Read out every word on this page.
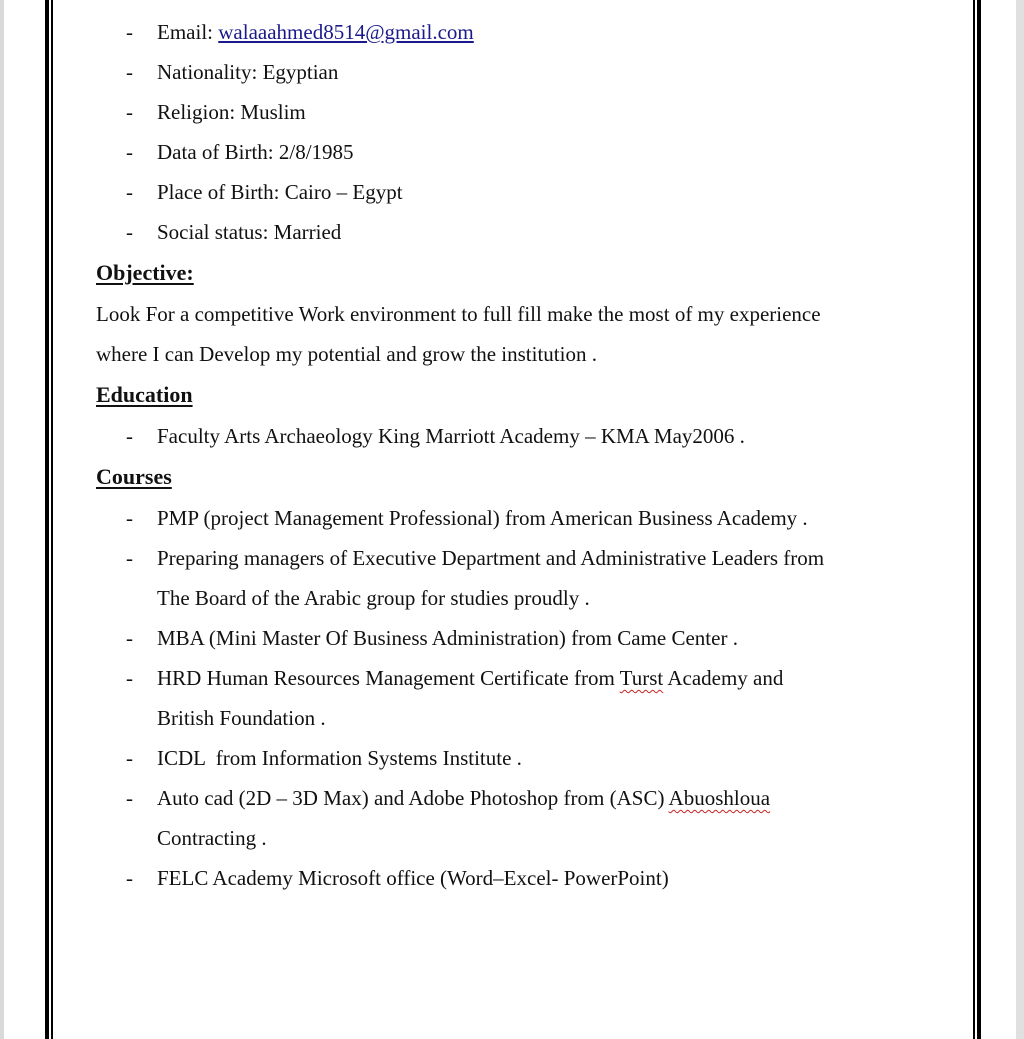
- Email: walaaahmed8514@gmail.com
- Nationality: Egyptian
- Religion: Muslim
- Data of Birth: 2/8/1985
- Place of Birth: Cairo – Egypt
- Social status: Married

Objective:

Look For a competitive Work environment to full fill make the most of my experience

where I can Develop my potential and grow the institution .

Education

- Faculty Arts Archaeology King Marriott Academy – KMA May2006 .

Courses

- PMP (project Management Professional) from American Business Academy .
- Preparing managers of Executive Department and Administrative Leaders from
The Board of the Arabic group for studies proudly .
- MBA (Mini Master Of Business Administration) from Came Center .
- HRD Human Resources Management Certificate from Turst Academy and
British Foundation .
- ICDL  from Information Systems Institute .
- Auto cad (2D – 3D Max) and Adobe Photoshop from (ASC) Abuoshloua
Contracting .
- FELC Academy Microsoft office (Word–Excel- PowerPoint)
